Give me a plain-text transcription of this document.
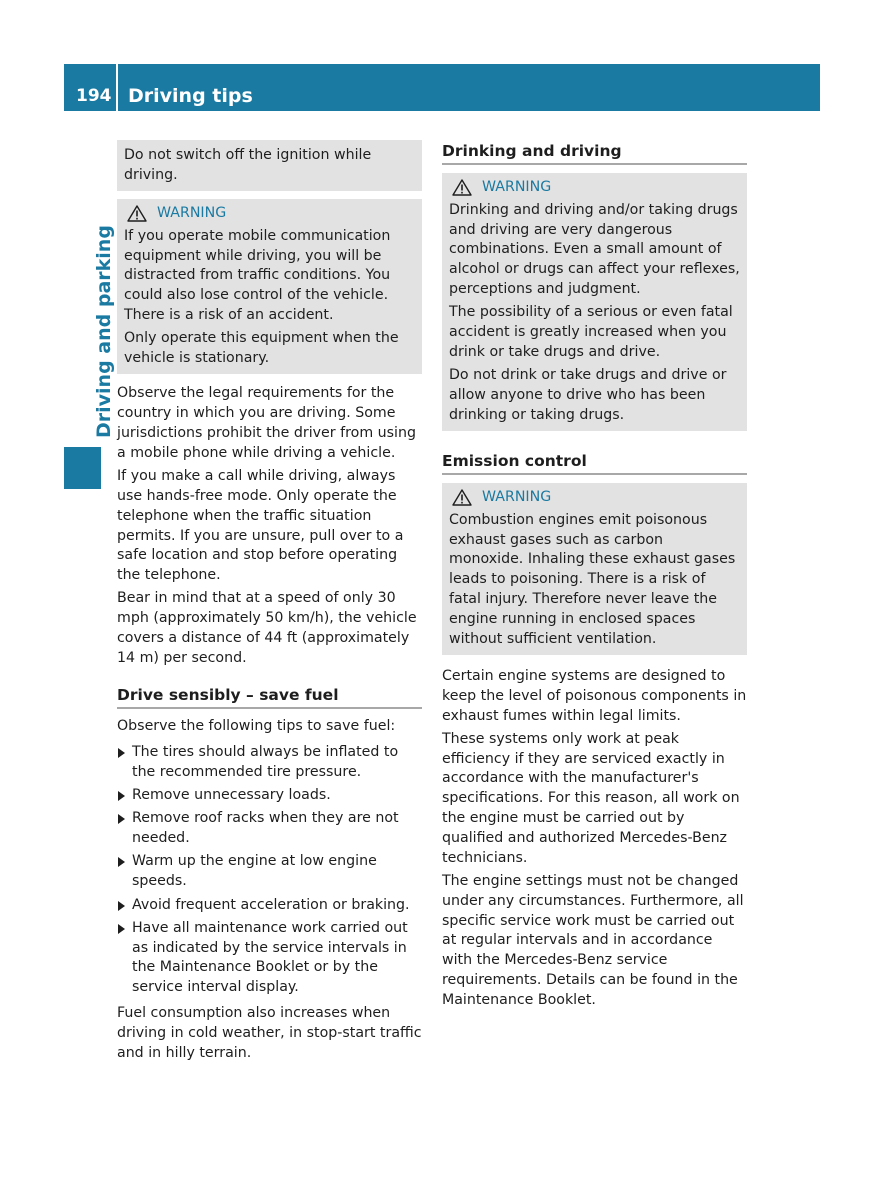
194 Driving tips
Driving and parking

Do not switch off the ignition while driving.

WARNING

If you operate mobile communication equipment while driving, you will be distracted from traffic conditions. You could also lose control of the vehicle. There is a risk of an accident.

Only operate this equipment when the vehicle is stationary.

Observe the legal requirements for the country in which you are driving. Some jurisdictions prohibit the driver from using a mobile phone while driving a vehicle.

If you make a call while driving, always use hands-free mode. Only operate the telephone when the traffic situation permits. If you are unsure, pull over to a safe location and stop before operating the telephone.

Bear in mind that at a speed of only 30 mph (approximately 50 km/h), the vehicle covers a distance of 44 ft (approximately 14 m) per second.

Drive sensibly – save fuel

Observe the following tips to save fuel:

The tires should always be inflated to the recommended tire pressure.
Remove unnecessary loads.
Remove roof racks when they are not needed.
Warm up the engine at low engine speeds.
Avoid frequent acceleration or braking.
Have all maintenance work carried out as indicated by the service intervals in the Maintenance Booklet or by the service interval display.

Fuel consumption also increases when driving in cold weather, in stop-start traffic and in hilly terrain.

Drinking and driving
WARNING

Drinking and driving and/or taking drugs and driving are very dangerous combinations. Even a small amount of alcohol or drugs can affect your reflexes, perceptions and judgment.

The possibility of a serious or even fatal accident is greatly increased when you drink or take drugs and drive.

Do not drink or take drugs and drive or allow anyone to drive who has been drinking or taking drugs.

Emission control
WARNING

Combustion engines emit poisonous exhaust gases such as carbon monoxide. Inhaling these exhaust gases leads to poisoning. There is a risk of fatal injury. Therefore never leave the engine running in enclosed spaces without sufficient ventilation.

Certain engine systems are designed to keep the level of poisonous components in exhaust fumes within legal limits.

These systems only work at peak efficiency if they are serviced exactly in accordance with the manufacturer's specifications. For this reason, all work on the engine must be carried out by qualified and authorized Mercedes-Benz technicians.

The engine settings must not be changed under any circumstances. Furthermore, all specific service work must be carried out at regular intervals and in accordance with the Mercedes-Benz service requirements. Details can be found in the Maintenance Booklet.
